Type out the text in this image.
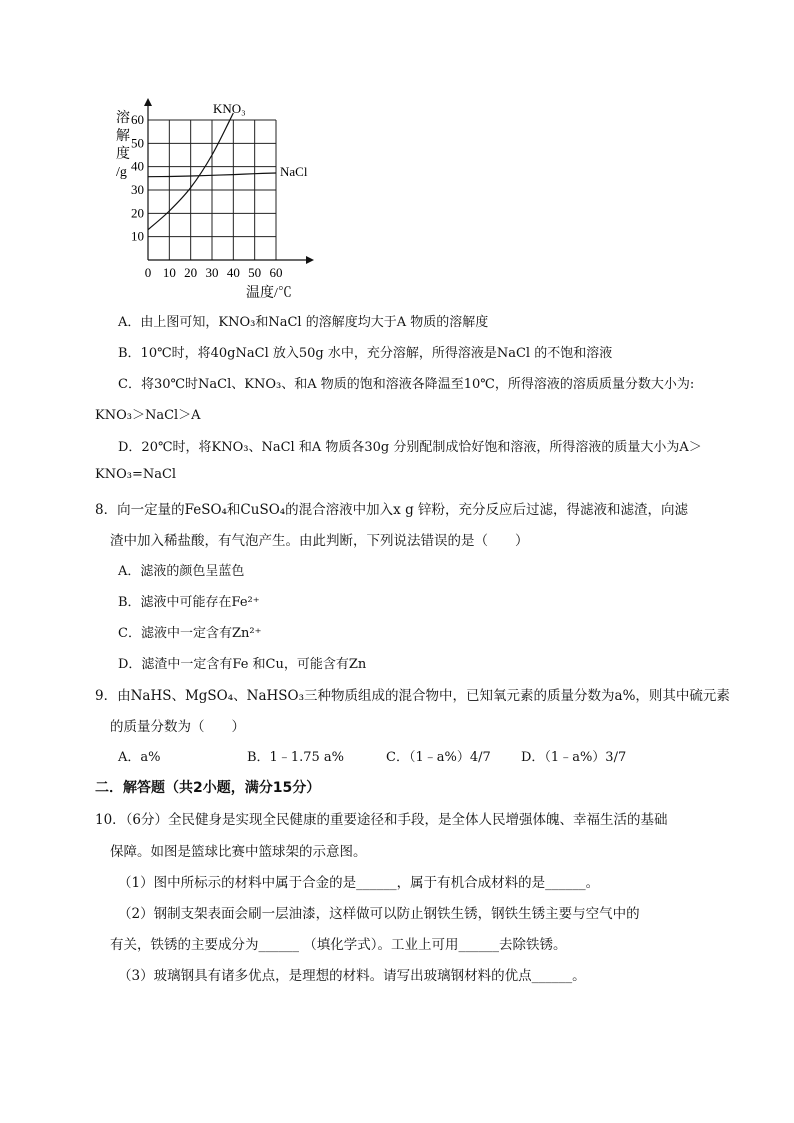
10
20
30
40
50
60
0 10 20 30 40 50 60
KNO₃
NaCl
溶
解
度
/g
温度/℃
A．由上图可知，KNO₃和NaCl 的溶解度均大于A 物质的溶解度
B．10℃时，将40gNaCl 放入50g 水中，充分溶解，所得溶液是NaCl 的不饱和溶液
C．将30℃时NaCl、KNO₃、和A 物质的饱和溶液各降温至10℃，所得溶液的溶质质量分数大小为:
KNO₃＞NaCl＞A
D．20℃时，将KNO₃、NaCl 和A 物质各30g 分别配制成恰好饱和溶液，所得溶液的质量大小为A＞
KNO₃=NaCl
8．向一定量的FeSO₄和CuSO₄的混合溶液中加入x g 锌粉，充分反应后过滤，得滤液和滤渣，向滤
渣中加入稀盐酸，有气泡产生。由此判断，下列说法错误的是（　　）
A．滤液的颜色呈蓝色
B．滤液中可能存在Fe²⁺
C．滤液中一定含有Zn²⁺
D．滤渣中一定含有Fe 和Cu，可能含有Zn
9．由NaHS、MgSO₄、NaHSO₃三种物质组成的混合物中，已知氧元素的质量分数为a%，则其中硫元素
的质量分数为（　　）
A．a%	B．1﹣1.75 a%	C．（1﹣a%）4/7 D．（1﹣a%）3/7
二．解答题（共2小题，满分15分）
10．（6分）全民健身是实现全民健康的重要途径和手段，是全体人民增强体魄、幸福生活的基础
保障。如图是篮球比赛中篮球架的示意图。
（1）图中所标示的材料中属于合金的是______，属于有机合成材料的是______。
（2）钢制支架表面会刷一层油漆，这样做可以防止钢铁生锈，钢铁生锈主要与空气中的
有关，铁锈的主要成分为______ （填化学式）。工业上可用______去除铁锈。
（3）玻璃钢具有诸多优点，是理想的材料。请写出玻璃钢材料的优点______。
